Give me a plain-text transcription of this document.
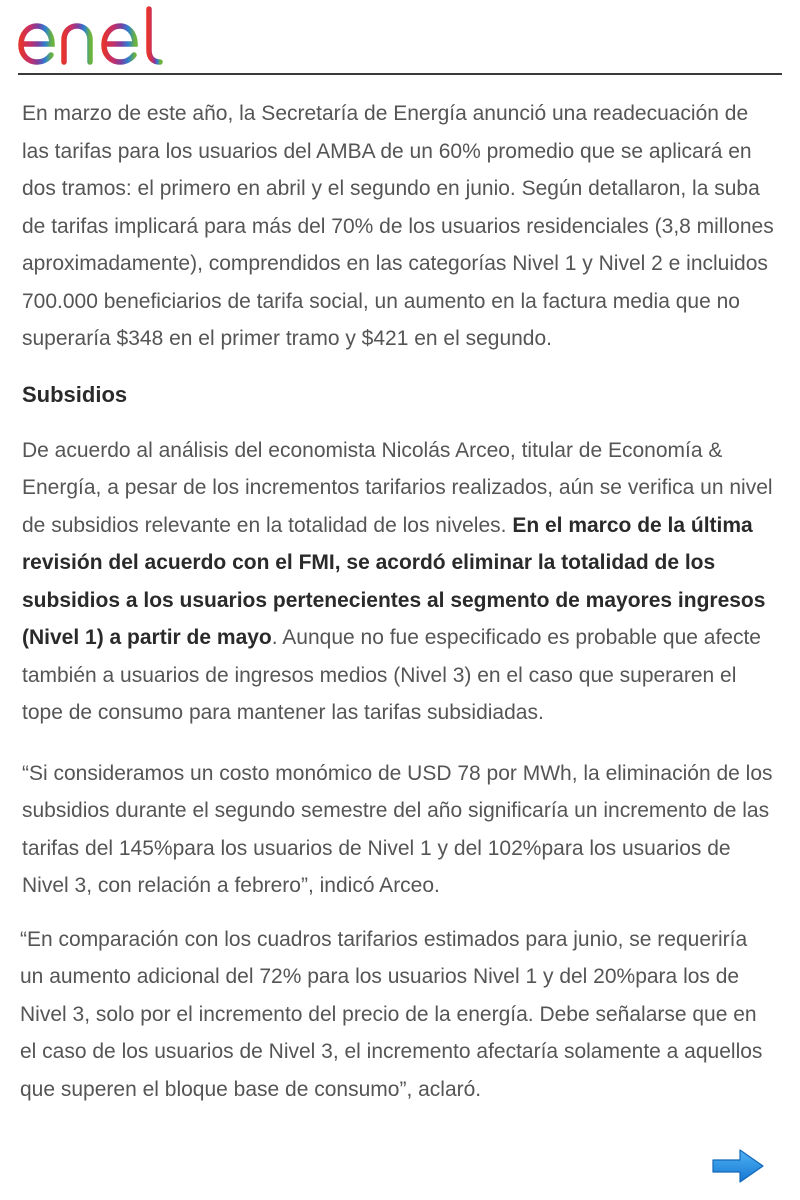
En marzo de este año, la Secretaría de Energía anunció una readecuación de las tarifas para los usuarios del AMBA de un 60% promedio que se aplicará en dos tramos: el primero en abril y el segundo en junio. Según detallaron, la suba de tarifas implicará para más del 70% de los usuarios residenciales (3,8 millones aproximadamente), comprendidos en las categorías Nivel 1 y Nivel 2 e incluidos 700.000 beneficiarios de tarifa social, un aumento en la factura media que no superaría $348 en el primer tramo y $421 en el segundo.

Subsidios

De acuerdo al análisis del economista Nicolás Arceo, titular de Economía & Energía, a pesar de los incrementos tarifarios realizados, aún se verifica un nivel de subsidios relevante en la totalidad de los niveles. En el marco de la última revisión del acuerdo con el FMI, se acordó eliminar la totalidad de los subsidios a los usuarios pertenecientes al segmento de mayores ingresos (Nivel 1) a partir de mayo. Aunque no fue especificado es probable que afecte también a usuarios de ingresos medios (Nivel 3) en el caso que superaren el tope de consumo para mantener las tarifas subsidiadas.

“Si consideramos un costo monómico de USD 78 por MWh, la eliminación de los subsidios durante el segundo semestre del año significaría un incremento de las tarifas del 145%para los usuarios de Nivel 1 y del 102%para los usuarios de Nivel 3, con relación a febrero”, indicó Arceo.

“En comparación con los cuadros tarifarios estimados para junio, se requeriría un aumento adicional del 72% para los usuarios Nivel 1 y del 20%para los de Nivel 3, solo por el incremento del precio de la energía. Debe señalarse que en el caso de los usuarios de Nivel 3, el incremento afectaría solamente a aquellos que superen el bloque base de consumo”, aclaró.
